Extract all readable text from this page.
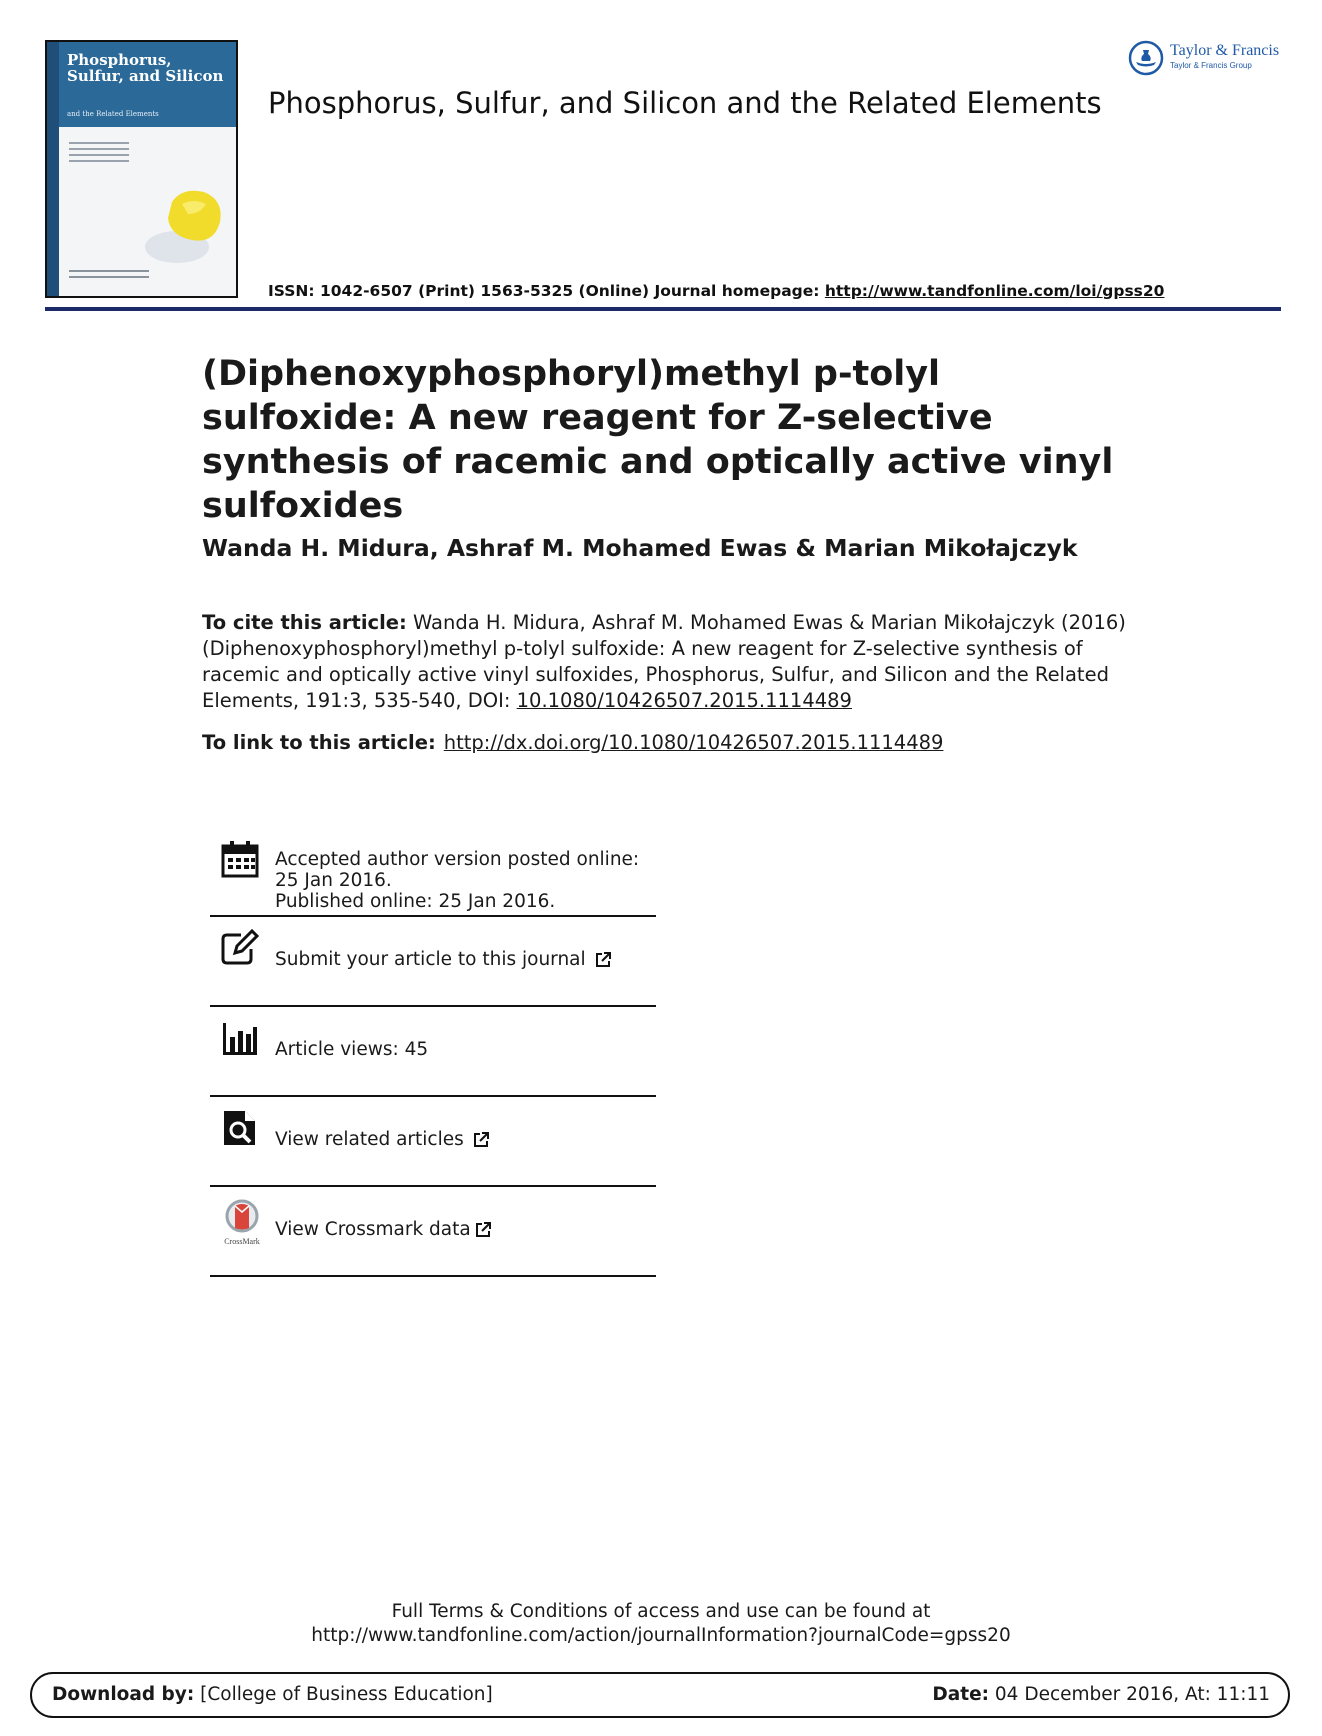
Phosphorus, Sulfur, and Silicon
and the Related Elements
Taylor & Francis
Taylor & Francis Group
Phosphorus, Sulfur, and Silicon and the Related Elements
ISSN: 1042-6507 (Print) 1563-5325 (Online) Journal homepage: http://www.tandfonline.com/loi/gpss20
(Diphenoxyphosphoryl)methyl p-tolyl sulfoxide: A new reagent for Z-selective synthesis of racemic and optically active vinyl sulfoxides
Wanda H. Midura, Ashraf M. Mohamed Ewas & Marian Mikołajczyk
To cite this article: Wanda H. Midura, Ashraf M. Mohamed Ewas & Marian Mikołajczyk (2016) (Diphenoxyphosphoryl)methyl p-tolyl sulfoxide: A new reagent for Z-selective synthesis of racemic and optically active vinyl sulfoxides, Phosphorus, Sulfur, and Silicon and the Related Elements, 191:3, 535-540, DOI: 10.1080/10426507.2015.1114489
To link to this article: http://dx.doi.org/10.1080/10426507.2015.1114489
Accepted author version posted online: 25 Jan 2016.
Published online: 25 Jan 2016.
Submit your article to this journal
Article views: 45
View related articles
CrossMark
View Crossmark data
Full Terms & Conditions of access and use can be found at
http://www.tandfonline.com/action/journalInformation?journalCode=gpss20
Download by: [College of Business Education]	Date: 04 December 2016, At: 11:11
